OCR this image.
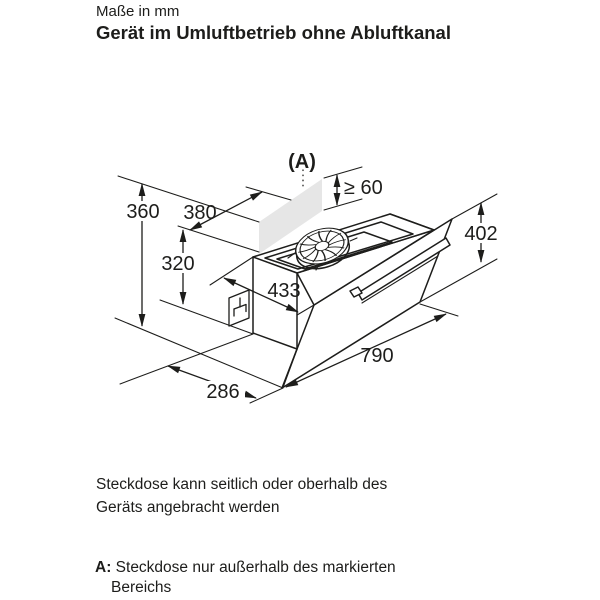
Maße in mm
Gerät im Umluftbetrieb ohne Abluftkanal
360 380
320
433
286
790
402
≥ 60
(A)
Steckdose kann seitlich oder oberhalb des
Geräts angebracht werden
A: Steckdose nur außerhalb des markierten
Bereichs
